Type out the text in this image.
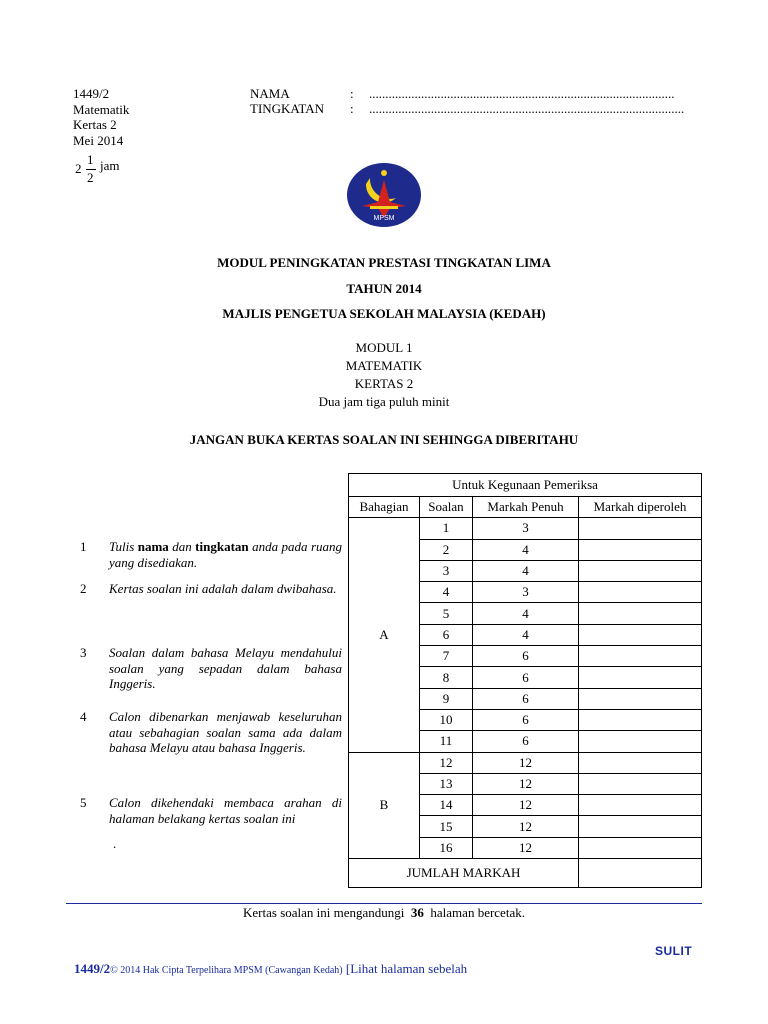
1449/2
Matematik
Kertas 2
Mei 2014
2
1
2
jam
NAMA	: ..............................................................................................
TINGKATAN : .................................................................................................
MPSM
MODUL PENINGKATAN PRESTASI TINGKATAN LIMA
TAHUN 2014
MAJLIS PENGETUA SEKOLAH MALAYSIA (KEDAH)
MODUL 1
MATEMATIK
KERTAS 2
Dua jam tiga puluh minit
JANGAN BUKA KERTAS SOALAN INI SEHINGGA DIBERITAHU
Untuk Kegunaan Pemeriksa			
Bahagian	Soalan	Markah Penuh	Markah diperoleh
A	1	3	
	2	4	
	3	4	
	4	3	
	5	4	
	6	4	
	7	6	
	8	6	
	9	6	
	10	6	
	11	6	
B	12	12	
	13	12	
	14	12	
	15	12	
	16	12	
JUMLAH MARKAH			
1 Tulis nama dan tingkatan anda pada ruang yang disediakan.
2 Kertas soalan ini adalah dalam dwibahasa.
3 Soalan dalam bahasa Melayu mendahului soalan yang sepadan dalam bahasa Inggeris.
4 Calon dibenarkan menjawab keseluruhan atau sebahagian soalan sama ada dalam bahasa Melayu atau bahasa Inggeris.
5 Calon dikehendaki membaca arahan di halaman belakang kertas soalan ini
.
Kertas soalan ini mengandungi 36 halaman bercetak.
SULIT
1449/2© 2014 Hak Cipta Terpelihara MPSM (Cawangan Kedah) [Lihat halaman sebelah
